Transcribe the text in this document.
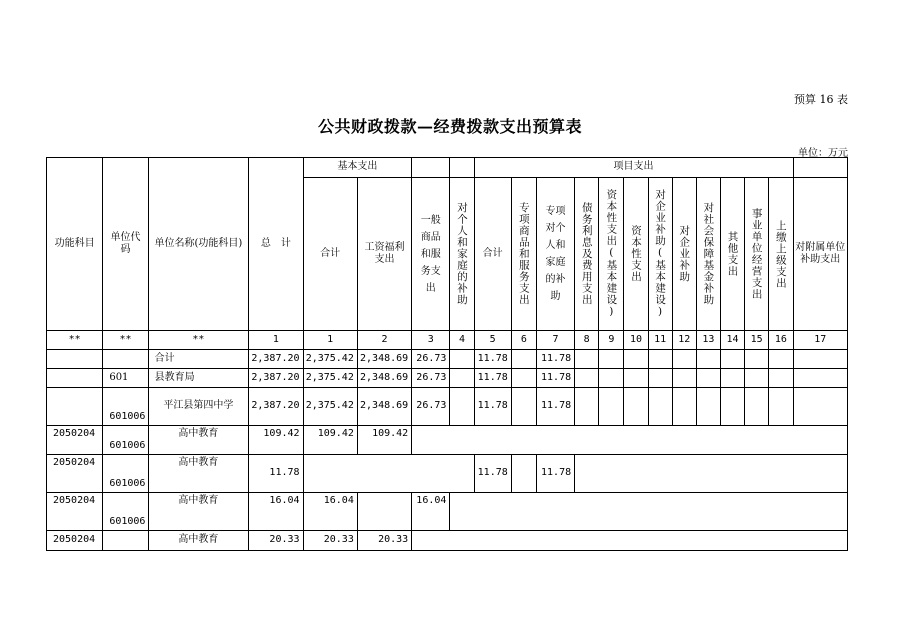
预算 16 表
公共财政拨款—经费拨款支出预算表
单位：万元
功能科目	单位代码	单位名称(功能科目)	总　计	基本支出				项目支出												
				合计	工资福利支出	一般商品和服务支出	对个人和家庭的补助	合计	专项商品和服务支出	专项对个人和家庭的补助	债务利息及费用支出	资本性支出(基本建设)	资本性支出	对企业补助(基本建设)	对企业补助	对社会保障基金补助	其他支出	事业单位经营支出	上缴上级支出	对附属单位补助支出

**	**	**	1	1	2	3	4	5	6	7	8	9	10	11	12	13	14	15	16	17
		合计	2,387.20	2,375.42	2,348.69	26.73		11.78		11.78										
	601	县教育局	2,387.20	2,375.42	2,348.69	26.73		11.78		11.78										
	601006	平江县第四中学	2,387.20	2,375.42	2,348.69	26.73		11.78		11.78										
2050204	601006	高中教育	109.42	109.42	109.42															
2050204	601006	高中教育	11.78					11.78		11.78										
2050204	601006	高中教育	16.04	16.04		16.04														
2050204		高中教育	20.33	20.33	20.33															
